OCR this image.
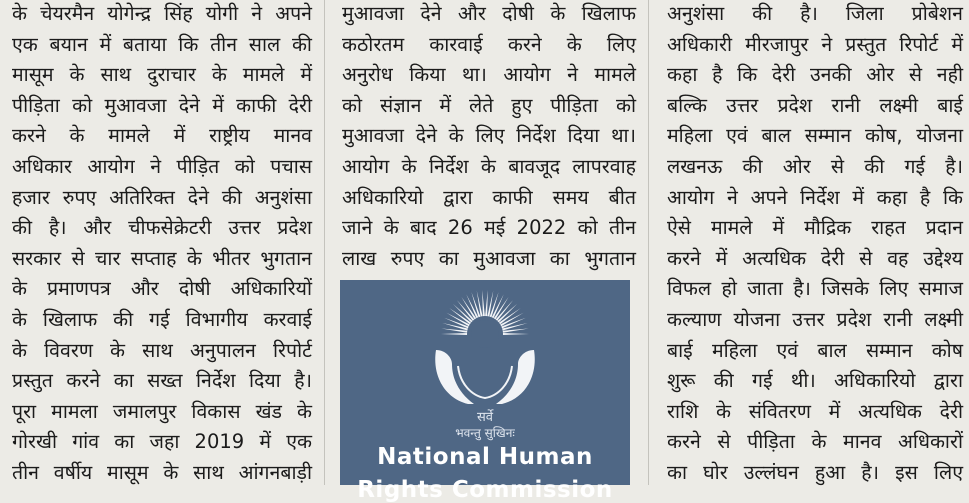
के चेयरमैन योगेन्द्र सिंह योगी ने अपने
एक बयान में बताया कि तीन साल की
मासूम के साथ दुराचार के मामले में
पीड़िता को मुआवजा देने में काफी देरी
करने के मामले में राष्ट्रीय मानव
अधिकार आयोग ने पीड़ित को पचास
हजार रुपए अतिरिक्त देने की अनुशंसा
की है। और चीफसेक्रेटरी उत्तर प्रदेश
सरकार से चार सप्ताह के भीतर भुगतान
के प्रमाणपत्र और दोषी अधिकारियों
के खिलाफ की गई विभागीय करवाई
के विवरण के साथ अनुपालन रिपोर्ट
प्रस्तुत करने का सख्त निर्देश दिया है।
पूरा मामला जमालपुर विकास खंड के
गोरखी गांव का जहा 2019 में एक
तीन वर्षीय मासूम के साथ आंगनबाड़ी
मुआवजा देने और दोषी के खिलाफ
कठोरतम कारवाई करने के लिए
अनुरोध किया था। आयोग ने मामले
को संज्ञान में लेते हुए पीड़िता को
मुआवजा देने के लिए निर्देश दिया था।
आयोग के निर्देश के बावजूद लापरवाह
अधिकारियो द्वारा काफी समय बीत
जाने के बाद 26 मई 2022 को तीन
लाख रुपए का मुआवजा का भुगतान
अनुशंसा की है। जिला प्रोबेशन
अधिकारी मीरजापुर ने प्रस्तुत रिपोर्ट में
कहा है कि देरी उनकी ओर से नही
बल्कि उत्तर प्रदेश रानी लक्ष्मी बाई
महिला एवं बाल सम्मान कोष, योजना
लखनऊ की ओर से की गई है।
आयोग ने अपने निर्देश में कहा है कि
ऐसे मामले में मौद्रिक राहत प्रदान
करने में अत्यधिक देरी से वह उद्देश्य
विफल हो जाता है। जिसके लिए समाज
कल्याण योजना उत्तर प्रदेश रानी लक्ष्मी
बाई महिला एवं बाल सम्मान कोष
शुरू की गई थी। अधिकारियो द्वारा
राशि के संवितरण में अत्यधिक देरी
करने से पीड़िता के मानव अधिकारों
का घोर उल्लंघन हुआ है। इस लिए
सर्वे
भवन्तु सुखिनः
National Human
Rights Commission
